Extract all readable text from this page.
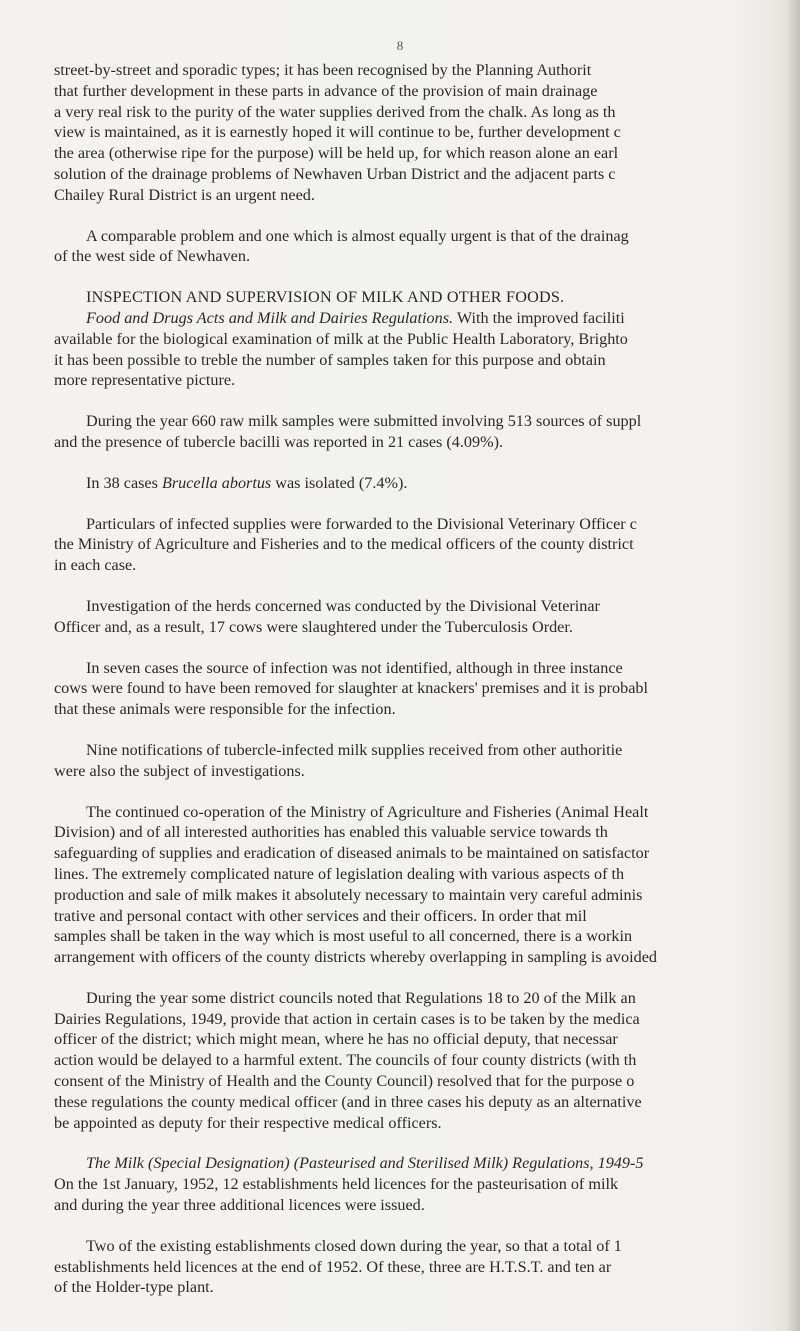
8
street-by-street and sporadic types; it has been recognised by the Planning Authorit
that further development in these parts in advance of the provision of main drainage
a very real risk to the purity of the water supplies derived from the chalk. As long as th
view is maintained, as it is earnestly hoped it will continue to be, further development c
the area (otherwise ripe for the purpose) will be held up, for which reason alone an earl
solution of the drainage problems of Newhaven Urban District and the adjacent parts c
Chailey Rural District is an urgent need.
A comparable problem and one which is almost equally urgent is that of the drainag
of the west side of Newhaven.
INSPECTION AND SUPERVISION OF MILK AND OTHER FOODS.
Food and Drugs Acts and Milk and Dairies Regulations. With the improved faciliti
available for the biological examination of milk at the Public Health Laboratory, Brighto
it has been possible to treble the number of samples taken for this purpose and obtain
more representative picture.
During the year 660 raw milk samples were submitted involving 513 sources of suppl
and the presence of tubercle bacilli was reported in 21 cases (4.09%).
In 38 cases Brucella abortus was isolated (7.4%).
Particulars of infected supplies were forwarded to the Divisional Veterinary Officer c
the Ministry of Agriculture and Fisheries and to the medical officers of the county district
in each case.
Investigation of the herds concerned was conducted by the Divisional Veterinar
Officer and, as a result, 17 cows were slaughtered under the Tuberculosis Order.
In seven cases the source of infection was not identified, although in three instance
cows were found to have been removed for slaughter at knackers' premises and it is probabl
that these animals were responsible for the infection.
Nine notifications of tubercle-infected milk supplies received from other authoritie
were also the subject of investigations.
The continued co-operation of the Ministry of Agriculture and Fisheries (Animal Healt
Division) and of all interested authorities has enabled this valuable service towards th
safeguarding of supplies and eradication of diseased animals to be maintained on satisfactor
lines. The extremely complicated nature of legislation dealing with various aspects of th
production and sale of milk makes it absolutely necessary to maintain very careful adminis
trative and personal contact with other services and their officers. In order that mil
samples shall be taken in the way which is most useful to all concerned, there is a workin
arrangement with officers of the county districts whereby overlapping in sampling is avoided
During the year some district councils noted that Regulations 18 to 20 of the Milk an
Dairies Regulations, 1949, provide that action in certain cases is to be taken by the medica
officer of the district; which might mean, where he has no official deputy, that necessar
action would be delayed to a harmful extent. The councils of four county districts (with th
consent of the Ministry of Health and the County Council) resolved that for the purpose o
these regulations the county medical officer (and in three cases his deputy as an alternative
be appointed as deputy for their respective medical officers.
The Milk (Special Designation) (Pasteurised and Sterilised Milk) Regulations, 1949-5
On the 1st January, 1952, 12 establishments held licences for the pasteurisation of milk
and during the year three additional licences were issued.
Two of the existing establishments closed down during the year, so that a total of 1
establishments held licences at the end of 1952. Of these, three are H.T.S.T. and ten ar
of the Holder-type plant.
